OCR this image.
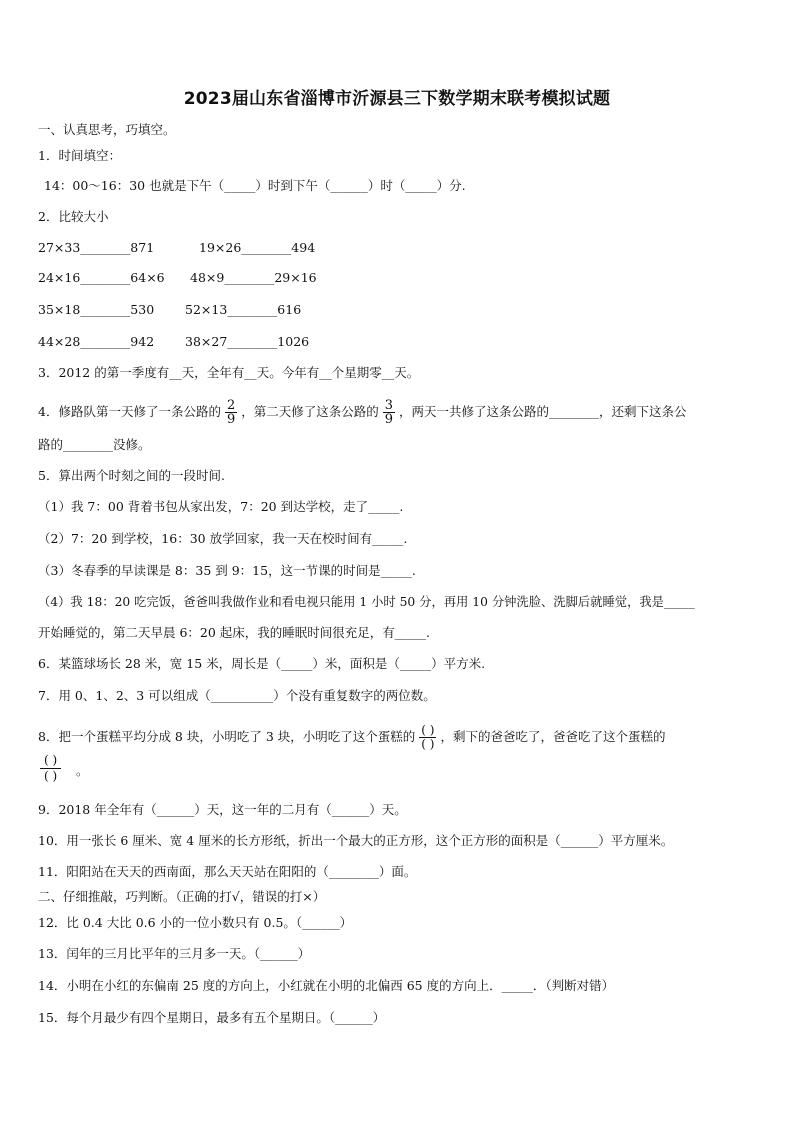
2023届山东省淄博市沂源县三下数学期末联考模拟试题
一、认真思考，巧填空。
1．时间填空：
14：00～16：30 也就是下午（_____）时到下午（______）时（_____）分.
2．比较大小
27×33________871	19×26________494
24×16________64×6 48×9________29×16
35×18________530 52×13________616
44×28________942 38×27________1026
3．2012 的第一季度有__天，全年有__天。今年有__个星期零__天。
4．修路队第一天修了一条公路的 $\frac{2}{9}$ ，第二天修了这条公路的 $\frac{3}{9}$ ，两天一共修了这条公路的________，还剩下这条公
路的________没修。
5．算出两个时刻之间的一段时间.
（1）我 7：00 背着书包从家出发，7：20 到达学校，走了_____.
（2）7：20 到学校，16：30 放学回家，我一天在校时间有_____.
（3）冬春季的早读课是 8：35 到 9：15，这一节课的时间是_____.
（4）我 18：20 吃完饭，爸爸叫我做作业和看电视只能用 1 小时 50 分，再用 10 分钟洗脸、洗脚后就睡觉，我是_____
开始睡觉的，第二天早晨 6：20 起床，我的睡眠时间很充足，有_____.
6．某篮球场长 28 米，宽 15 米，周长是（_____）米，面积是（_____）平方米.
7．用 0、1、2、3 可以组成（__________）个没有重复数字的两位数。
8．把一个蛋糕平均分成 8 块，小明吃了 3 块，小明吃了这个蛋糕的 $\frac{( )}{( )}$ ，剩下的爸爸吃了，爸爸吃了这个蛋糕的
( )
( )	。
9．2018 年全年有（______）天，这一年的二月有（______）天。
10．用一张长 6 厘米、宽 4 厘米的长方形纸，折出一个最大的正方形，这个正方形的面积是（______）平方厘米。
11．阳阳站在天天的西南面，那么天天站在阳阳的（________）面。
二、仔细推敲，巧判断。（正确的打√，错误的打×）
12．比 0.4 大比 0.6 小的一位小数只有 0.5。（______）
13．闰年的三月比平年的三月多一天。（______）
14．小明在小红的东偏南 25 度的方向上，小红就在小明的北偏西 65 度的方向上．_____．（判断对错）
15．每个月最少有四个星期日，最多有五个星期日。（______）
